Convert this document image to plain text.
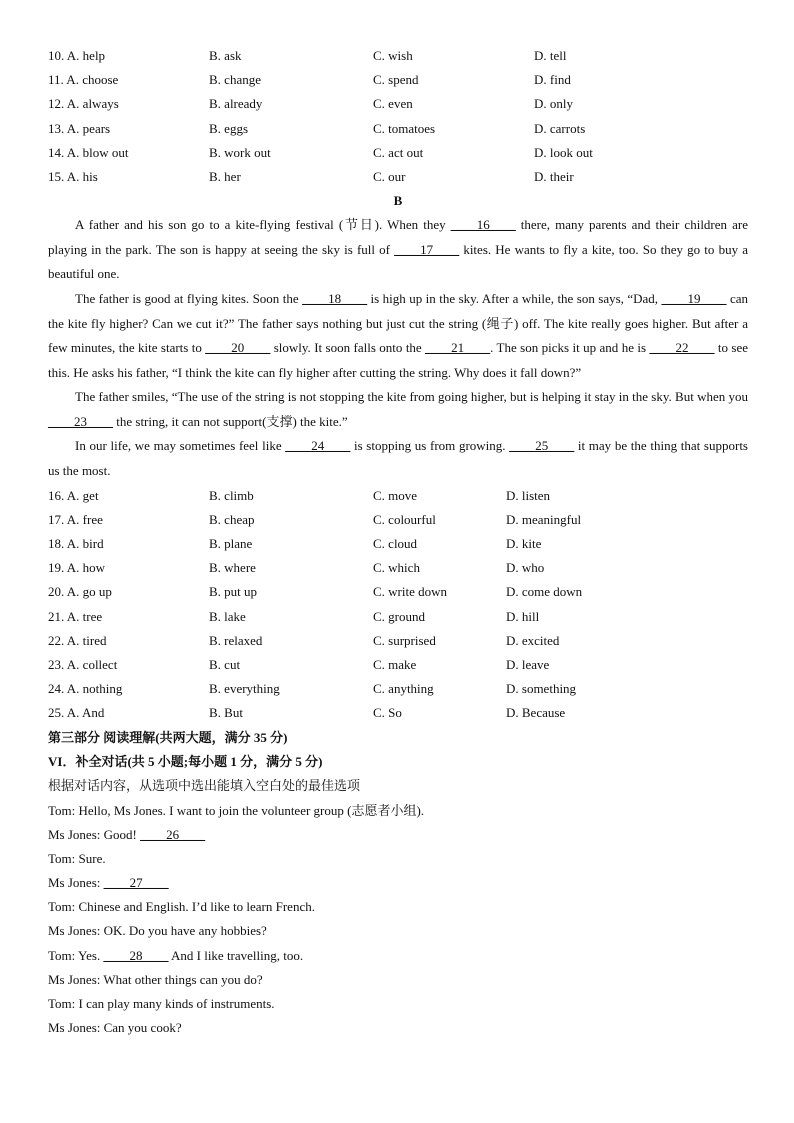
10. A. help	B. ask	C. wish	D. tell
11. A. choose	B. change	C. spend	D. find
12. A. always	B. already	C. even	D. only
13. A. pears	B. eggs	C. tomatoes	D. carrots
14. A. blow out	B. work out	C. act out	D. look out
15. A. his	B. her	C. our	D. their
B

A father and his son go to a kite-flying festival (节日). When they ____16____ there, many parents and their children are playing in the park. The son is happy at seeing the sky is full of ____17____ kites. He wants to fly a kite, too. So they go to buy a beautiful one.

The father is good at flying kites. Soon the ____18____ is high up in the sky. After a while, the son says, “Dad, ____19____ can the kite fly higher? Can we cut it?” The father says nothing but just cut the string (绳子) off. The kite really goes higher. But after a few minutes, the kite starts to ____20____ slowly. It soon falls onto the ____21____. The son picks it up and he is ____22____ to see this. He asks his father, “I think the kite can fly higher after cutting the string. Why does it fall down?”

The father smiles, “The use of the string is not stopping the kite from going higher, but is helping it stay in the sky. But when you ____23____ the string, it can not support(支撑) the kite.”

In our life, we may sometimes feel like ____24____ is stopping us from growing. ____25____ it may be the thing that supports us the most.

16. A. get	B. climb	C. move	D. listen
17. A. free	B. cheap	C. colourful	D. meaningful
18. A. bird	B. plane	C. cloud	D. kite
19. A. how	B. where	C. which	D. who
20. A. go up	B. put up	C. write down	D. come down
21. A. tree	B. lake	C. ground	D. hill
22. A. tired	B. relaxed	C. surprised	D. excited
23. A. collect	B. cut	C. make	D. leave
24. A. nothing	B. everything	C. anything	D. something
25. A. And	B. But	C. So	D. Because
第三部分 阅读理解(共两大题，满分 35 分)
VI．补全对话(共 5 小题;每小题 1 分，满分 5 分)
根据对话内容，从选项中选出能填入空白处的最佳选项
Tom: Hello, Ms Jones. I want to join the volunteer group (志愿者小组).
Ms Jones: Good! ____26____
Tom: Sure.
Ms Jones: ____27____
Tom: Chinese and English. I’d like to learn French.
Ms Jones: OK. Do you have any hobbies?
Tom: Yes. ____28____ And I like travelling, too.
Ms Jones: What other things can you do?
Tom: I can play many kinds of instruments.
Ms Jones: Can you cook?
